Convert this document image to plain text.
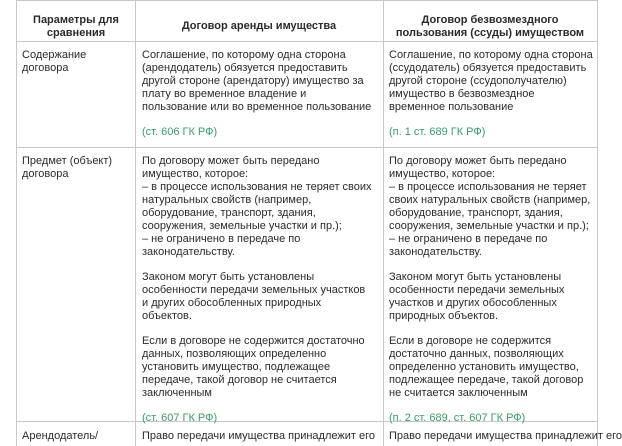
Параметры для сравнения
Договор аренды имущества	Договор безвозмездного пользования (ссуды) имуществом
Содержание договора
Соглашение, по которому одна сторона (арендодатель) обязуется предоставить другой стороне (арендатору) имущество за плату во временное владение и пользование или во временное пользование
(ст. 606 ГК РФ)
Соглашение, по которому одна сторона (ссудодатель) обязуется предоставить другой стороне (ссудополучателю) имущество в безвозмездное временное пользование
(п. 1 ст. 689 ГК РФ)
Предмет (объект) договора
По договору может быть передано имущество, которое:
– в процессе использования не теряет своих натуральных свойств (например, оборудование, транспорт, здания, сооружения, земельные участки и пр.);
– не ограничено в передаче по законодательству.
Законом могут быть установлены особенности передачи земельных участков и других обособленных природных объектов.
Если в договоре не содержится достаточно данных, позволяющих определенно установить имущество, подлежащее передаче, такой договор не считается заключенным
(ст. 607 ГК РФ)
По договору может быть передано имущество, которое:
– в процессе использования не теряет своих натуральных свойств (например, оборудование, транспорт, здания, сооружения, земельные участки и пр.);
– не ограничено в передаче по законодательству.
Законом могут быть установлены особенности передачи земельных участков и других обособленных природных объектов.
Если в договоре не содержится достаточно данных, позволяющих определенно установить имущество, подлежащее передаче, такой договор не считается заключенным
(п. 2 ст. 689, ст. 607 ГК РФ)
Арендодатель/	Право передачи имущества принадлежит его Право передачи имущества принадлежит его
